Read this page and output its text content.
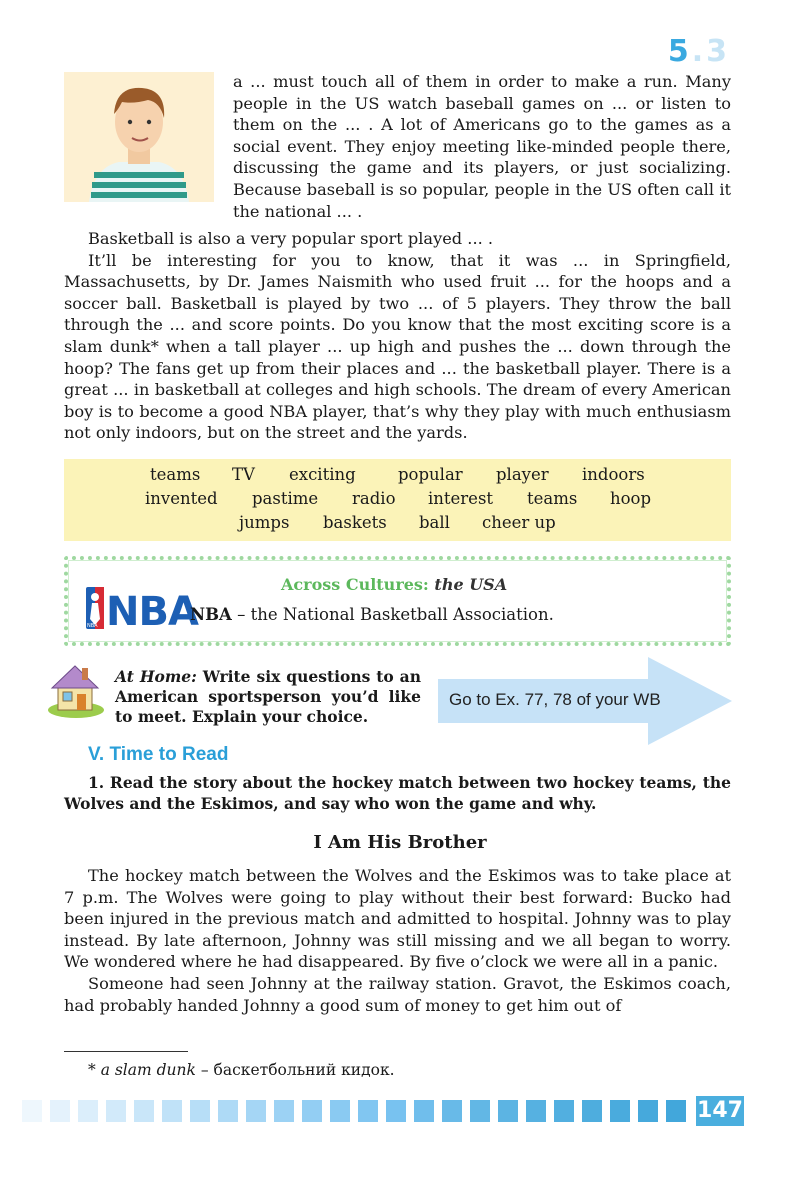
5.3

a ... must touch all of them in order to make a run. Many people in the US watch baseball games on ... or listen to them on the ... . A lot of Americans go to the games as a social event. They enjoy meeting like-minded people there, discussing the game and its players, or just socializing. Because baseball is so popular, people in the US often call it the national ... .

Basketball is also a very popular sport played ... .

It’ll be interesting for you to know, that it was ... in Springfield, Massachusetts, by Dr. James Naismith who used fruit ... for the hoops and a soccer ball. Basketball is played by two ... of 5 players. They throw the ball through the ... and score points. Do you know that the most exciting score is a slam dunk* when a tall player ... up high and pushes the ... down through the hoop? The fans get up from their places and ... the basketball player. There is a great ... in basketball at colleges and high schools. The dream of every American boy is to become a good NBA player, that’s why they play with much enthusiasm not only indoors, but on the street and the yards.

teams TV exciting	popular player indoors
invented pastime radio interest teams hoop
jumps baskets ball cheer up
Across Cultures: the USA
NBA
NBA
NBA – the National Basketball Association.
At Home: Write six questions to an American sportsperson you’d like to meet. Explain your choice.
Go to Ex. 77, 78 of your WB
V. Time to Read
1. Read the story about the hockey match between two hockey teams, the Wolves and the Eskimos, and say who won the game and why.
I Am His Brother

The hockey match between the Wolves and the Eskimos was to take place at 7 p.m. The Wolves were going to play without their best forward: Bucko had been injured in the previous match and admitted to hospital. Johnny was to play instead. By late afternoon, Johnny was still missing and we all began to worry. We wondered where he had disappeared. By five o’clock we were all in a panic.

Someone had seen Johnny at the railway station. Gravot, the Eskimos coach, had probably handed Johnny a good sum of money to get him out of

* a slam dunk – баскетбольний кидок.
147
